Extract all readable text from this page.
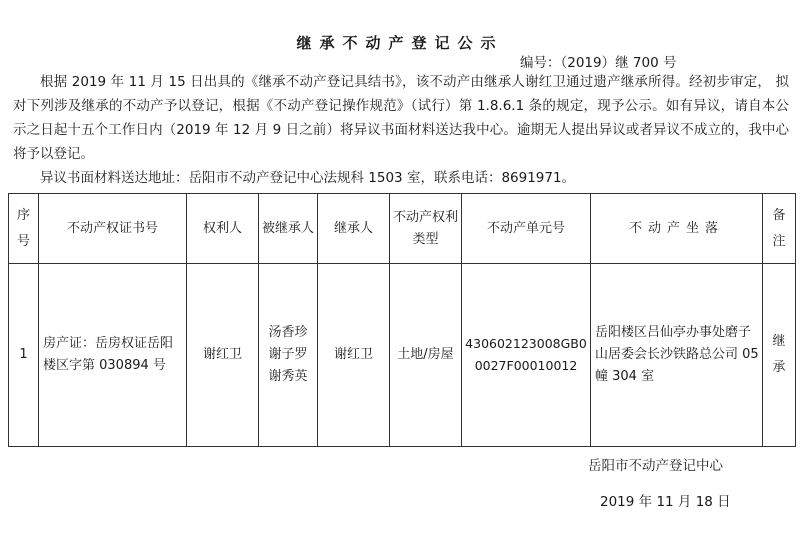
继承不动产登记公示
编号：（2019）继 700 号

根据 2019 年 11 月 15 日出具的《继承不动产登记具结书》，该不动产由继承人谢红卫通过遗产继承所得。经初步审定， 拟对下列涉及继承的不动产予以登记，根据《不动产登记操作规范》（试行）第 1.8.6.1 条的规定，现予公示。如有异议，请自本公示之日起十五个工作日内（2019 年 12 月 9 日之前）将异议书面材料送达我中心。逾期无人提出异议或者异议不成立的，我中心将予以登记。

异议书面材料送达地址：岳阳市不动产登记中心法规科 1503 室，联系电话：8691971。

序号	不动产权证书号	权利人	被继承人	继承人	不动产权利类型	不动产单元号	不动产坐落	备注

1	房产证：岳房权证岳阳楼区字第 030894 号	谢红卫	汤香珍
谢子罗
谢秀英	谢红卫	土地/房屋	430602123008GB00027F00010012	岳阳楼区吕仙亭办事处磨子山居委会长沙铁路总公司 05 幢 304 室	继承
岳阳市不动产登记中心
2019 年 11 月 18 日
